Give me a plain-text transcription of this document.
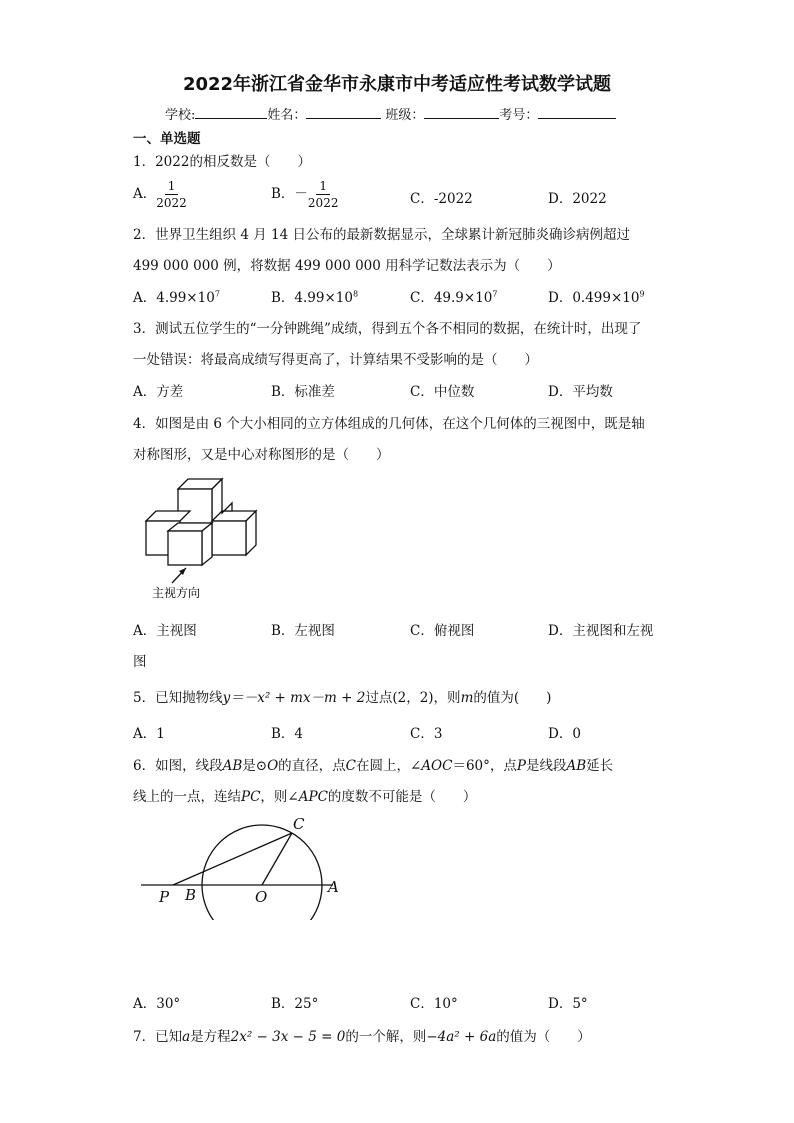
2022年浙江省金华市永康市中考适应性考试数学试题
学校:	姓名：	班级：	考号：
一、单选题
1．2022的相反数是（　　）
A． $\frac{1}{2022}$	B．－ $\frac{1}{2022}$	C．-2022	D．2022
2．世界卫生组织 4 月 14 日公布的最新数据显示，全球累计新冠肺炎确诊病例超过
499 000 000 例，将数据 499 000 000 用科学记数法表示为（　　）
A．$4.99\times 10^7$	B．$4.99\times 10^8$	C．$49.9\times 10^7$	D．$0.499\times 10^9$
3．测试五位学生的“一分钟跳绳”成绩，得到五个各不相同的数据，在统计时，出现了
一处错误：将最高成绩写得更高了，计算结果不受影响的是（　　）
A．方差	B．标准差	C．中位数	D．平均数
4．如图是由 6 个大小相同的立方体组成的几何体，在这个几何体的三视图中，既是轴
对称图形，又是中心对称图形的是（　　）
主视方向
A．主视图	B．左视图	C．俯视图	D．主视图和左视
图
5．已知抛物线y＝－x² + mx－m + 2过点(2，2)，则m的值为(　　)
A．1	B．4	C．3	D．0
6．如图，线段AB是⊙O的直径，点C在圆上，∠AOC＝60°，点P是线段AB延长
线上的一点，连结PC，则∠APC的度数不可能是（　　）
C
P B	O
A
A．30°	B．25°	C．10°	D．5°
7．已知a是方程2x² − 3x − 5 = 0的一个解，则−4a² + 6a的值为（　　）
